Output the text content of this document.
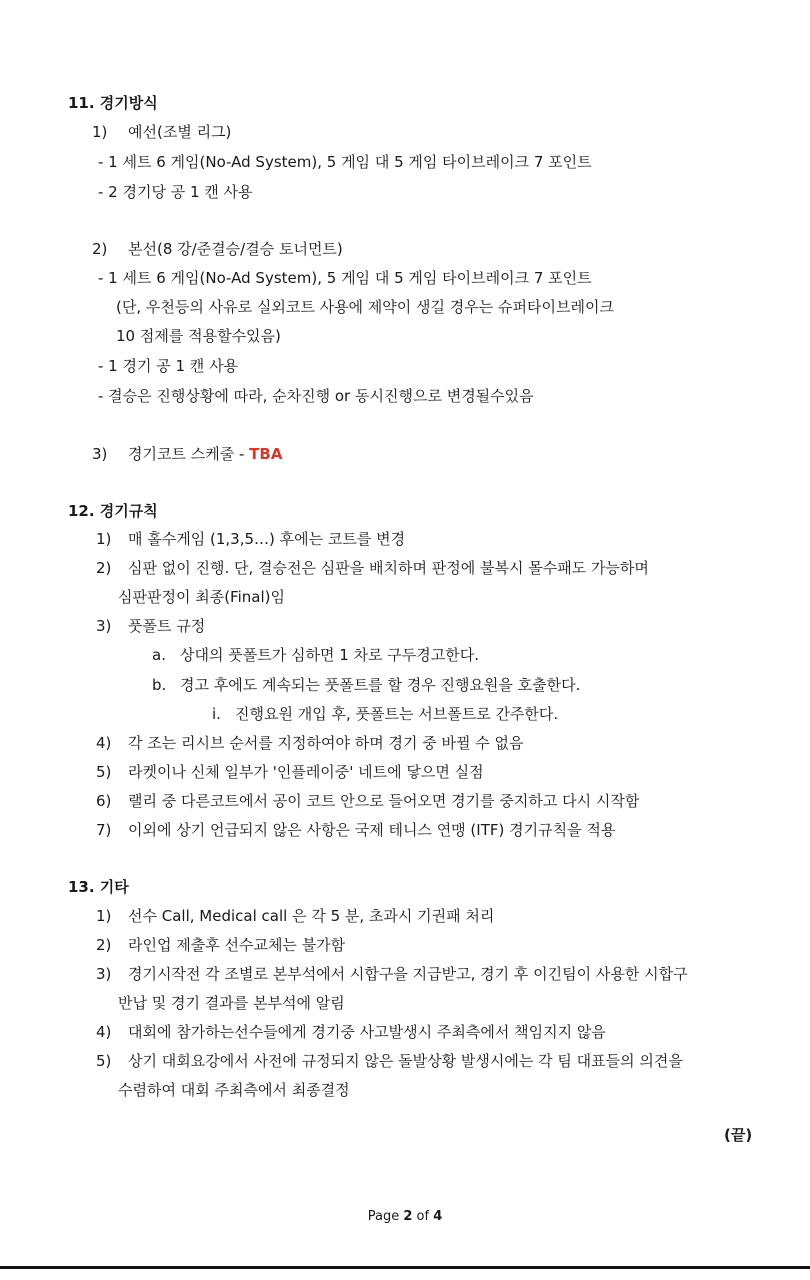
11. 경기방식
1) 예선(조별 리그)
- 1 세트 6 게임(No-Ad System), 5 게임 대 5 게임 타이브레이크 7 포인트
- 2 경기당 공 1 캔 사용
2) 본선(8 강/준결승/결승 토너먼트)
- 1 세트 6 게임(No-Ad System), 5 게임 대 5 게임 타이브레이크 7 포인트
(단, 우천등의 사유로 실외코트 사용에 제약이 생길 경우는 슈퍼타이브레이크
10 점제를 적용할수있음)
- 1 경기 공 1 캔 사용
- 결승은 진행상황에 따라, 순차진행 or 동시진행으로 변경될수있음
3) 경기코트 스케줄 - TBA
12. 경기규칙
1) 매 홀수게임 (1,3,5…) 후에는 코트를 변경
2) 심판 없이 진행. 단, 결승전은 심판을 배치하며 판정에 불복시 몰수패도 가능하며
심판판정이 최종(Final)임
3) 풋폴트 규정
a. 상대의 풋폴트가 심하면 1 차로 구두경고한다.
b. 경고 후에도 계속되는 풋폴트를 할 경우 진행요원을 호출한다.
i. 진행요원 개입 후, 풋폴트는 서브폴트로 간주한다.
4) 각 조는 리시브 순서를 지정하여야 하며 경기 중 바뀔 수 없음
5) 라켓이나 신체 일부가 '인플레이중' 네트에 닿으면 실점
6) 랠리 중 다른코트에서 공이 코트 안으로 들어오면 경기를 중지하고 다시 시작함
7) 이외에 상기 언급되지 않은 사항은 국제 테니스 연맹 (ITF) 경기규칙을 적용
13. 기타
1) 선수 Call, Medical call 은 각 5 분, 초과시 기권패 처리
2) 라인업 제출후 선수교체는 불가함
3) 경기시작전 각 조별로 본부석에서 시합구을 지급받고, 경기 후 이긴팀이 사용한 시합구
반납 및 경기 결과를 본부석에 알림
4) 대회에 참가하는선수들에게 경기중 사고발생시 주최측에서 책임지지 않음
5) 상기 대회요강에서 사전에 규정되지 않은 돌발상황 발생시에는 각 팀 대표들의 의견을
수렴하여 대회 주최측에서 최종결정
(끝)
Page 2 of 4
